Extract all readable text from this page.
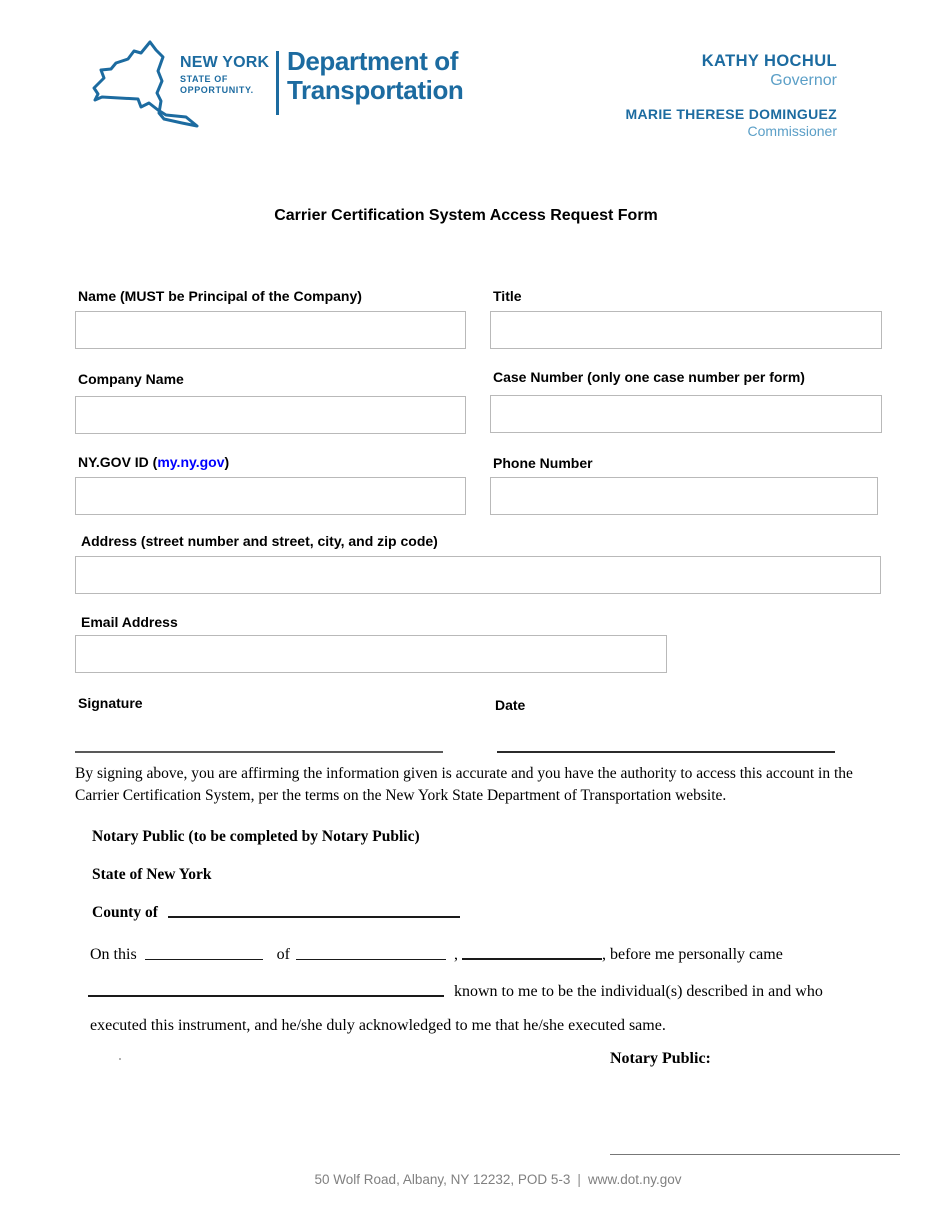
NEW YORK
STATE OF
OPPORTUNITY.
Department of
Transportation
KATHY HOCHUL
Governor
MARIE THERESE DOMINGUEZ
Commissioner
Carrier Certification System Access Request Form
Name (MUST be Principal of the Company)	Title
Company Name	Case Number (only one case number per form)
NY.GOV ID (my.ny.gov)	Phone Number
Address (street number and street, city, and zip code)
Email Address
Signature	Date
By signing above, you are affirming the information given is accurate and you have the authority to access this account in the Carrier Certification System, per the terms on the New York State Department of Transportation website.
Notary Public (to be completed by Notary Public)
State of New York
County of
On this	of	,	, before me personally came
known to me to be the individual(s) described in and who
executed this instrument, and he/she duly acknowledged to me that he/she executed same.
Notary Public:
50 Wolf Road, Albany, NY 12232, POD 5-3 | www.dot.ny.gov
